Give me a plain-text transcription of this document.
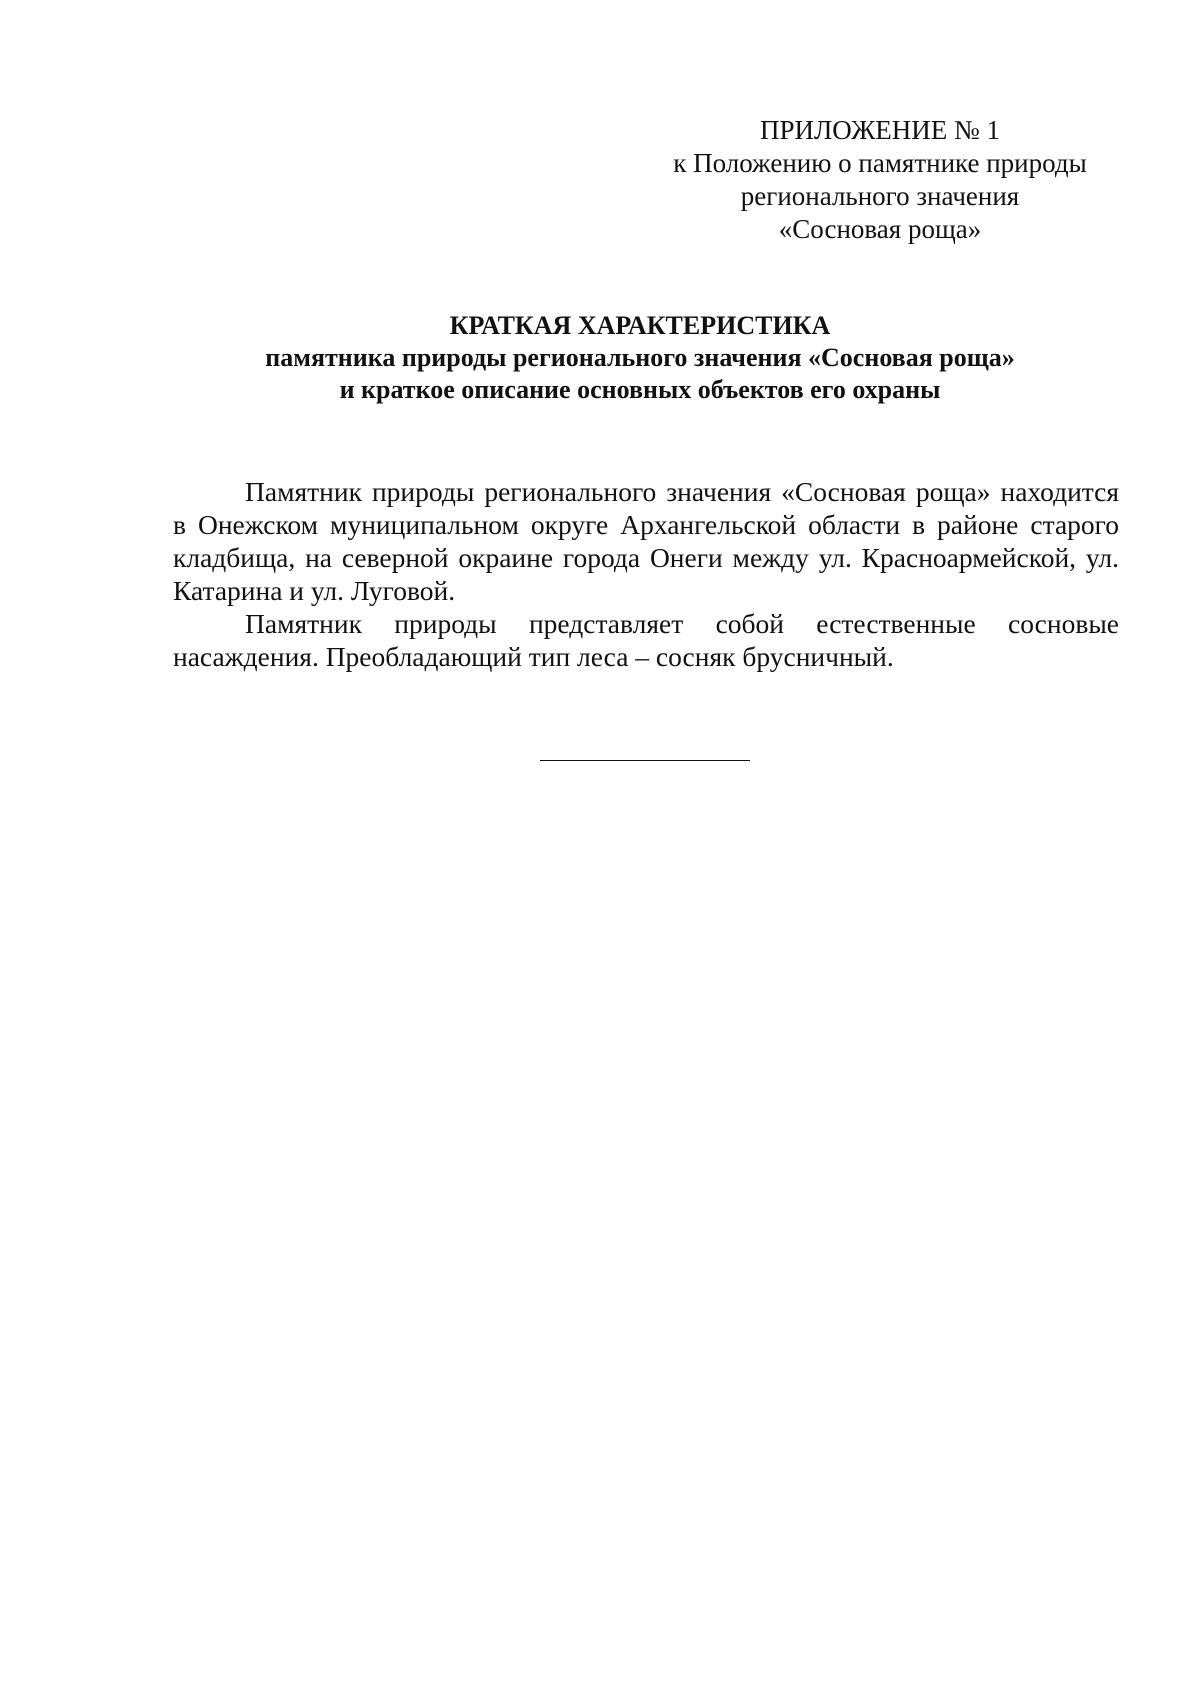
ПРИЛОЖЕНИЕ № 1
к Положению о памятнике природы
регионального значения
«Сосновая роща»
КРАТКАЯ ХАРАКТЕРИСТИКА
памятника природы регионального значения «Сосновая роща»
и краткое описание основных объектов его охраны

Памятник природы регионального значения «Сосновая роща» находится в Онежском муниципальном округе Архангельской области в районе старого кладбища, на северной окраине города Онеги между ул. Красноармейской, ул. Катарина и ул. Луговой.

Памятник природы представляет собой естественные сосновые насаждения. Преобладающий тип леса – сосняк брусничный.
